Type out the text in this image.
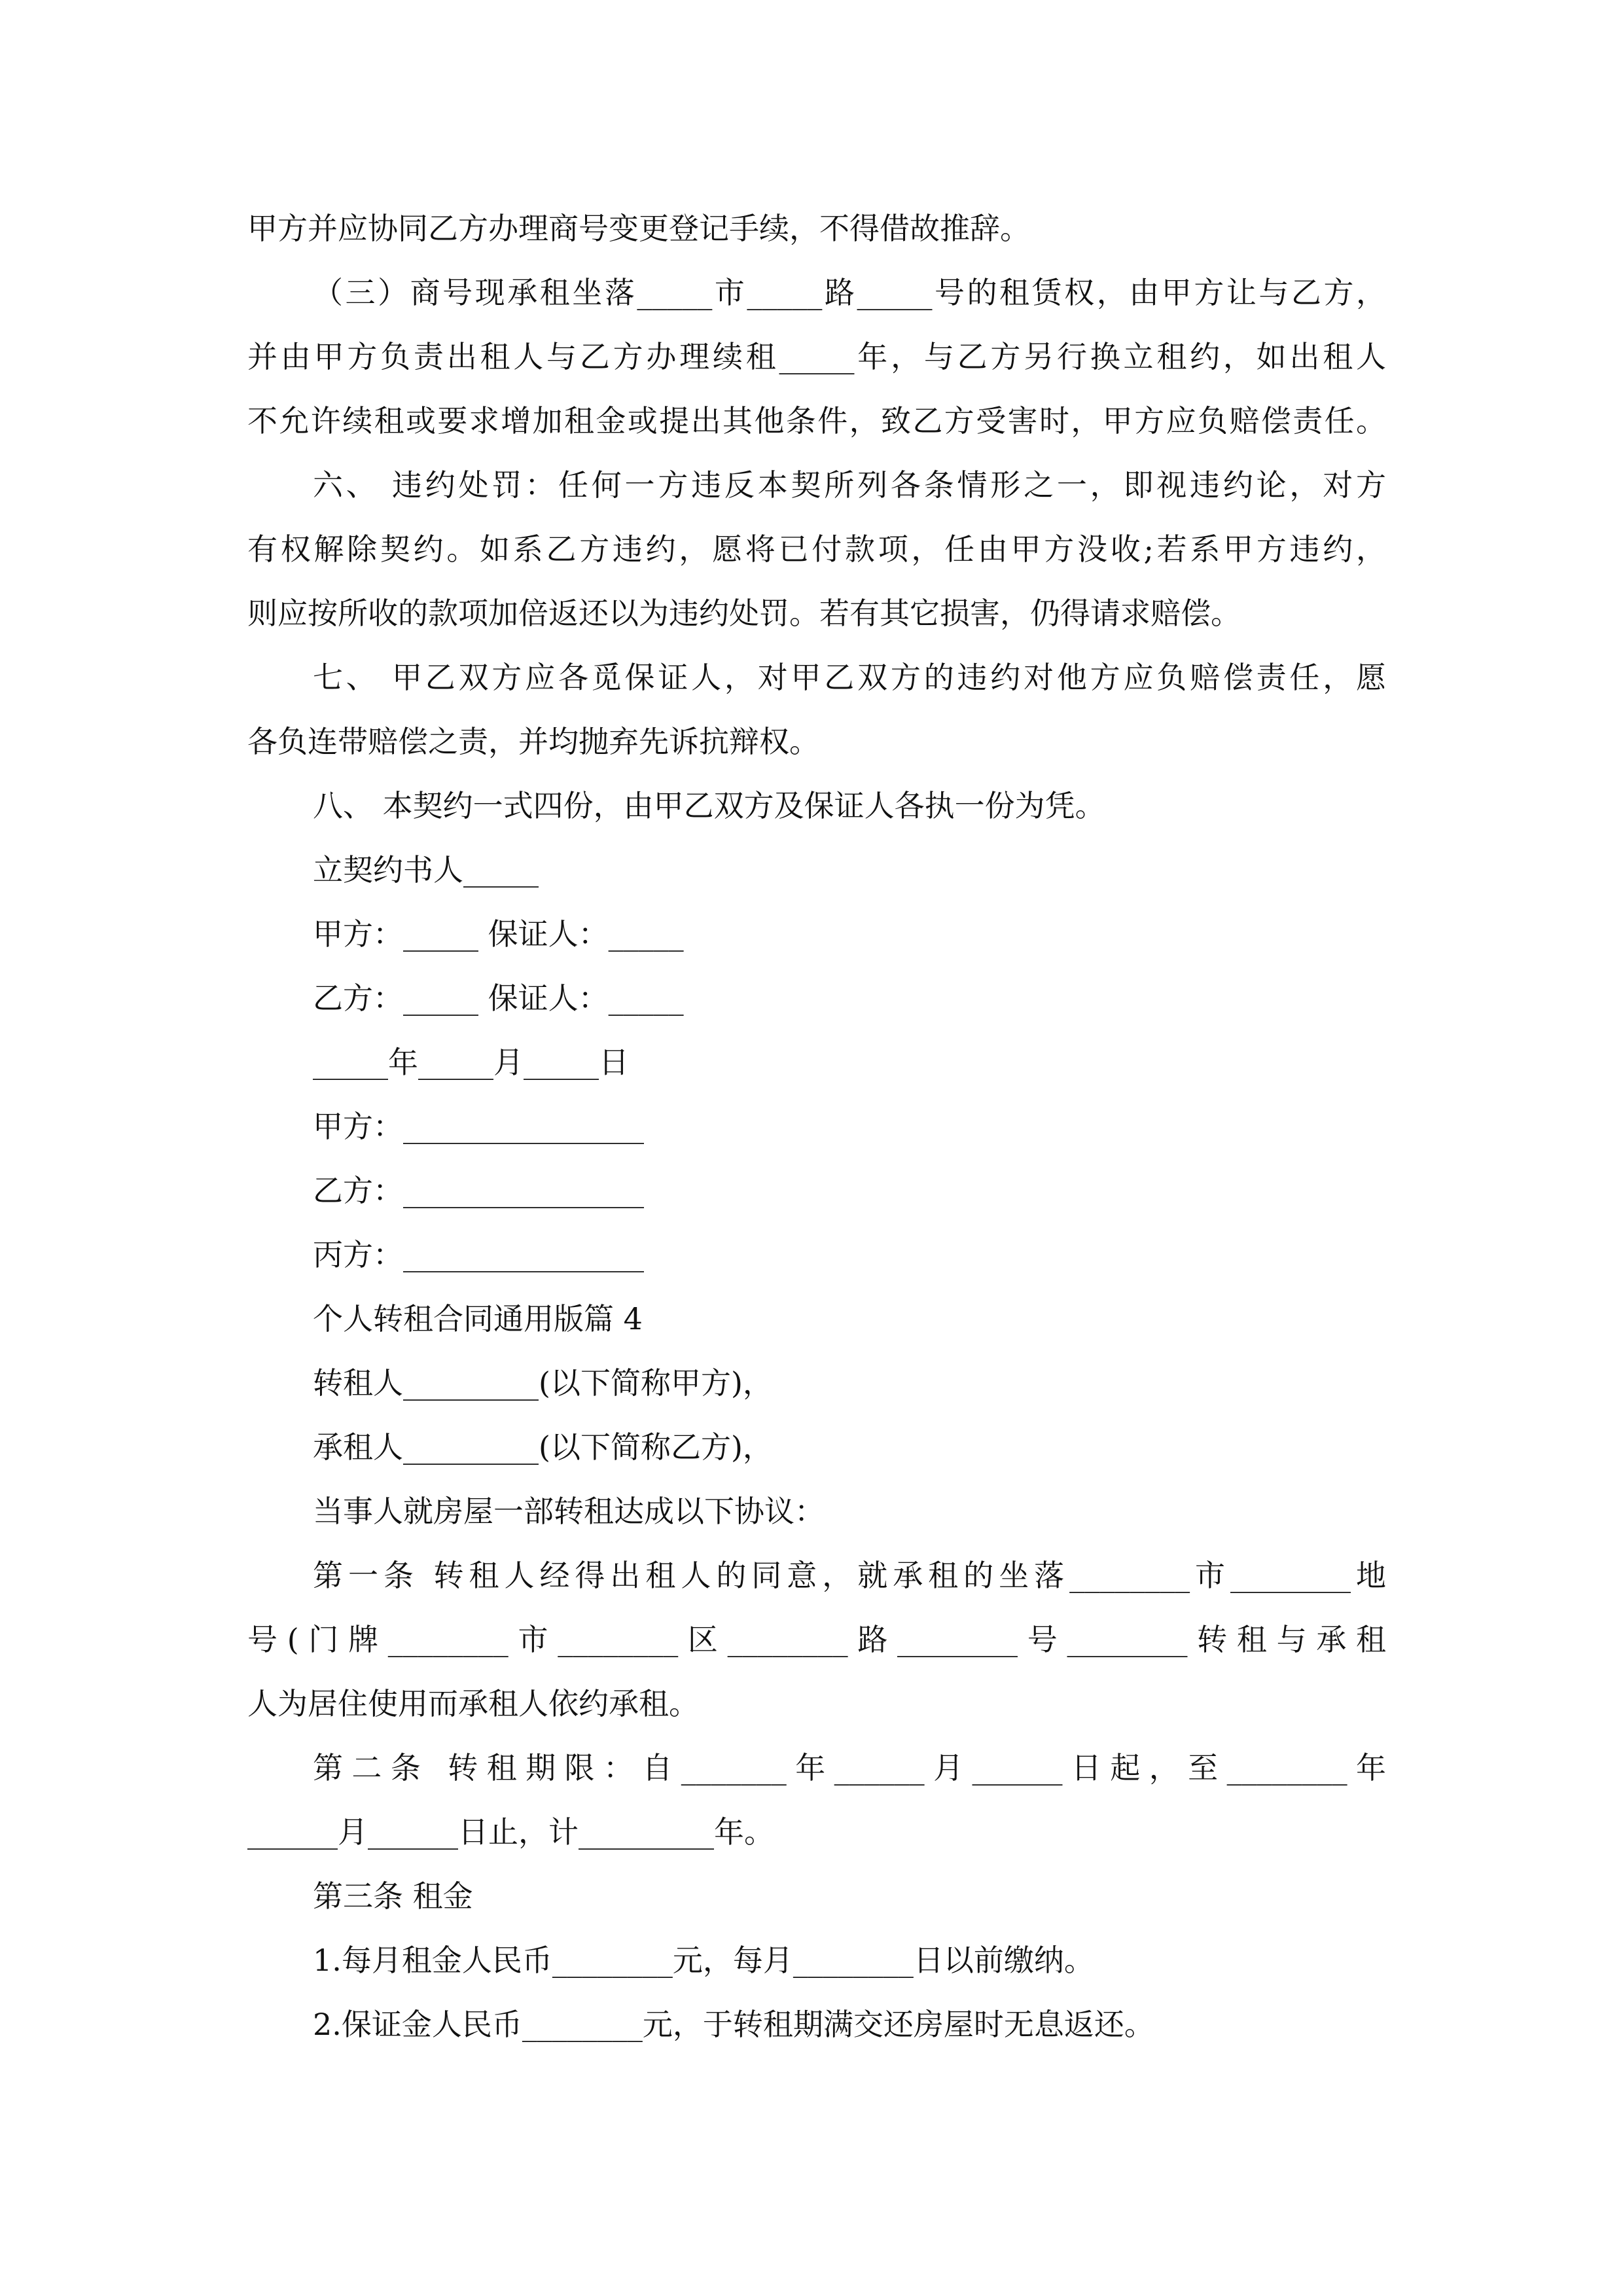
甲方并应协同乙方办理商号变更登记手续，不得借故推辞。
（三）商号现承租坐落_____市_____路_____号的租赁权，由甲方让与乙方，
并由甲方负责出租人与乙方办理续租_____年，与乙方另行换立租约，如出租人
不允许续租或要求增加租金或提出其他条件，致乙方受害时，甲方应负赔偿责任。
六、 违约处罚：任何一方违反本契所列各条情形之一，即视违约论，对方
有权解除契约。如系乙方违约，愿将已付款项，任由甲方没收;若系甲方违约，
则应按所收的款项加倍返还以为违约处罚。若有其它损害，仍得请求赔偿。
七、 甲乙双方应各觅保证人，对甲乙双方的违约对他方应负赔偿责任，愿
各负连带赔偿之责，并均抛弃先诉抗辩权。
八、 本契约一式四份，由甲乙双方及保证人各执一份为凭。
立契约书人_____
甲方：_____ 保证人：_____
乙方：_____ 保证人：_____
_____年_____月_____日
甲方：________________
乙方：________________
丙方：________________
个人转租合同通用版篇 4
转租人_________(以下简称甲方)，
承租人_________(以下简称乙方)，
当事人就房屋一部转租达成以下协议：
第一条 转租人经得出租人的同意，就承租的坐落________市________地
号(门牌________市________区________路________号________转租与承租
人为居住使用而承租人依约承租。
第二条 转租期限：自_______年______月______日起，至________年
______月______日止，计_________年。
第三条 租金
1.每月租金人民币________元，每月________日以前缴纳。
2.保证金人民币________元，于转租期满交还房屋时无息返还。
